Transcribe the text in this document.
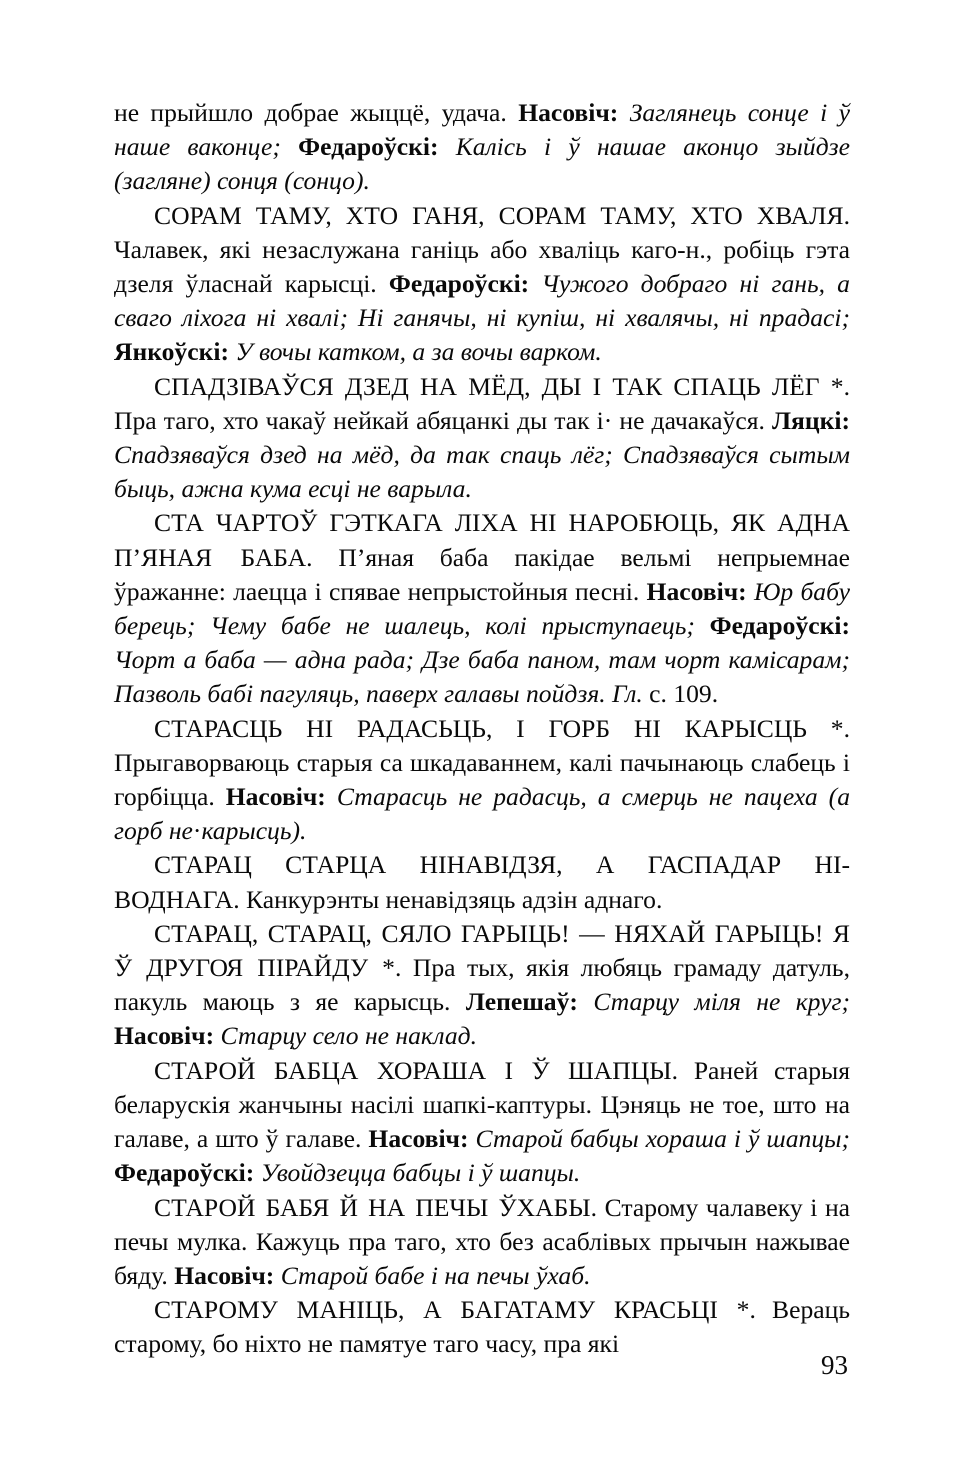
не прыйшло добрае жыццё, удача. Насовіч: Заглянець сонце і ў наше ваконце; Федароўскі: Калісь і ў нашае аконцо зыйдзе (загляне) сонця (сонцо).

СОРАМ ТАМУ, ХТО ГАНЯ, СОРАМ ТАМУ, ХТО ХВАЛЯ. Чалавек, які незаслужана ганіць або хваліць каго-н., робіць гэта дзеля ўласнай карысці. Федароўскі: Чужого добраго ні гань, а сваго ліхога ні хвалі; Ні ганячы, ні купіш, ні хвалячы, ні прадасі; Янкоўскі: У вочы катком, а за вочы варком.

СПАДЗІВАЎСЯ ДЗЕД НА МЁД, ДЫ І ТАК СПАЦЬ ЛЁГ *. Пра таго, хто чакаў нейкай абяцанкі ды так і· не дачакаўся. Ляцкі: Спадзяваўся дзед на мёд, да так спаць лёг; Спадзяваўся сытым быць, ажна кума есці не варыла.

СТА ЧАРТОЎ ГЭТКАГА ЛІХА НІ НАРОБЮЦЬ, ЯК АДНА П’ЯНАЯ БАБА. П’яная баба пакідае вельмі непрыемнае ўражанне: лаецца і спявае непрыстойныя песні. Насовіч: Юр бабу берець; Чему бабе не шалець, колі прыступаець; Федароўскі: Чорт а баба — адна рада; Дзе баба паном, там чорт камісарам; Пазволь бабі пагуляць, паверх галавы пойдзя. Гл. с. 109.

СТАРАСЦЬ НІ РАДАСЬЦЬ, І ГОРБ НІ КАРЫСЦЬ *. Прыгаворваюць старыя са шкадаваннем, калі пачынаюць слабець і горбіцца. Насовіч: Старасць не радасць, а смерць не пацеха (а горб не·карысць).

СТАРАЦ СТАРЦА НІНАВІДЗЯ, А ГАСПАДАР НІ-ВОДНАГА. Канкурэнты ненавідзяць адзін аднаго.

СТАРАЦ, СТАРАЦ, СЯЛО ГАРЫЦЬ! — НЯХАЙ ГАРЫЦЬ! Я Ў ДРУГОЯ ПІРАЙДУ *. Пра тых, якія любяць грамаду датуль, пакуль маюць з яе карысць. Лепешаў: Старцу міля не круг; Насовіч: Старцу село не наклад.

СТАРОЙ БАБЦА ХОРАША І Ў ШАПЦЫ. Раней старыя беларускія жанчыны насілі шапкі-каптуры. Цэняць не тое, што на галаве, а што ў галаве. Насовіч: Старой бабцы хораша і ў шапцы; Федароўскі: Увойдзецца бабцы і ў шапцы.

СТАРОЙ БАБЯ Й НА ПЕЧЫ ЎХАБЫ. Старому чалавеку і на печы мулка. Кажуць пра таго, хто без асаблівых прычын нажывае бяду. Насовіч: Старой бабе і на печы ўхаб.

СТАРОМУ МАНІЦЬ, А БАГАТАМУ КРАСЬЦІ *. Вераць старому, бо ніхто не памятуе таго часу, пра які

93
